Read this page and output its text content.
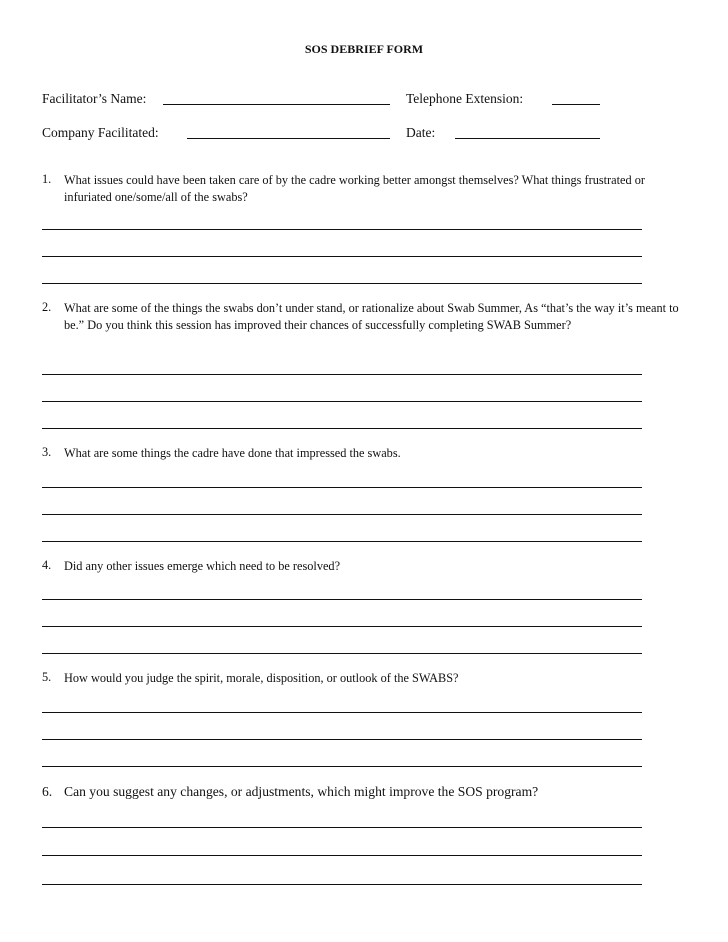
SOS DEBRIEF FORM
Facilitator’s Name:	Telephone Extension:
Company Facilitated:	Date:
1. What issues could have been taken care of by the cadre working better amongst themselves? What things frustrated or infuriated one/some/all of the swabs?
2. What are some of the things the swabs don’t under stand, or rationalize about Swab Summer, As “that’s the way it’s meant to be.” Do you think this session has improved their chances of successfully completing SWAB Summer?
3. What are some things the cadre have done that impressed the swabs.
4. Did any other issues emerge which need to be resolved?
5. How would you judge the spirit, morale, disposition, or outlook of the SWABS?
6. Can you suggest any changes, or adjustments, which might improve the SOS program?
